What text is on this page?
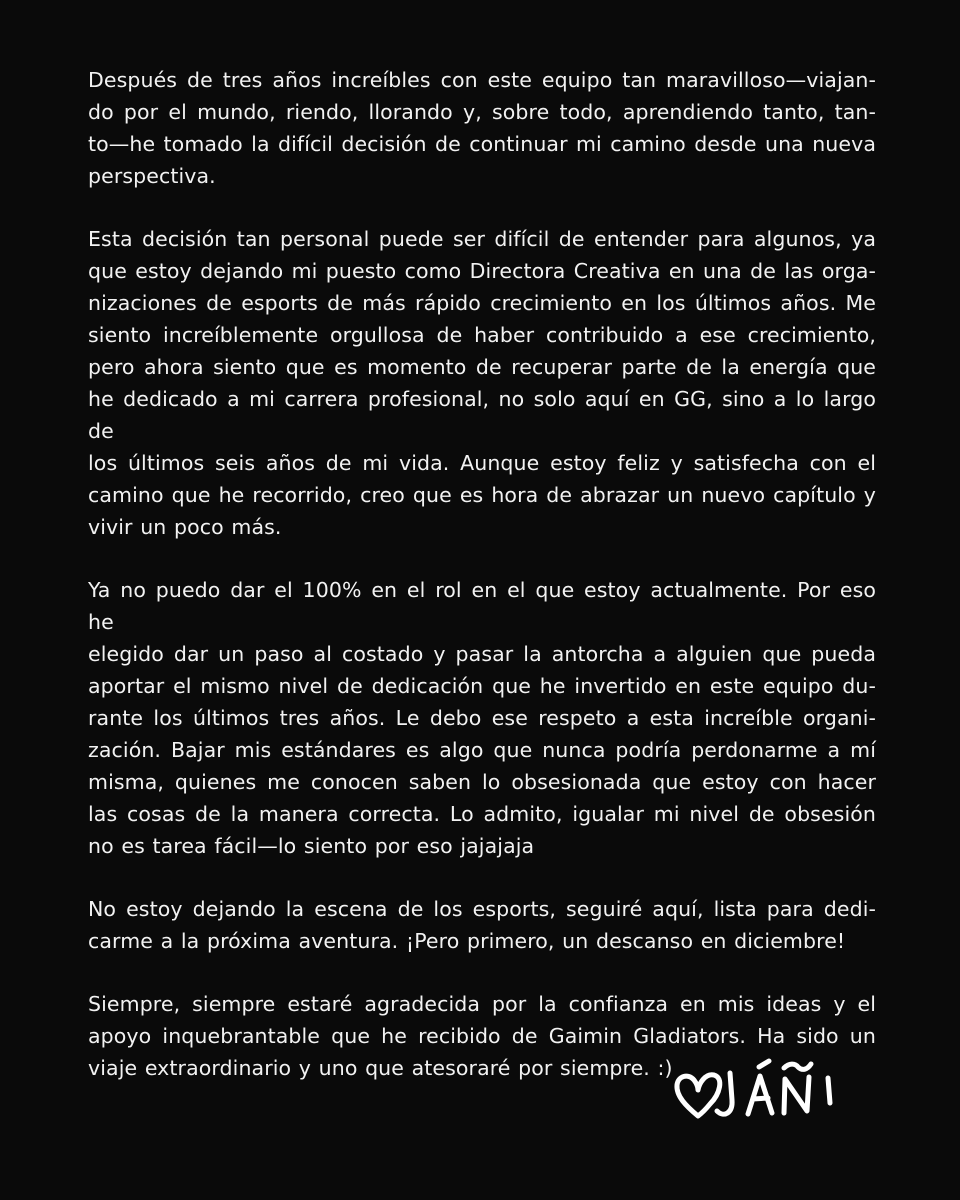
Después de tres años increíbles con este equipo tan maravilloso—viajan-
do por el mundo, riendo, llorando y, sobre todo, aprendiendo tanto, tan-
to—he tomado la difícil decisión de continuar mi camino desde una nueva
perspectiva.
Esta decisión tan personal puede ser difícil de entender para algunos, ya
que estoy dejando mi puesto como Directora Creativa en una de las orga-
nizaciones de esports de más rápido crecimiento en los últimos años. Me
siento increíblemente orgullosa de haber contribuido a ese crecimiento,
pero ahora siento que es momento de recuperar parte de la energía que
he dedicado a mi carrera profesional, no solo aquí en GG, sino a lo largo de
los últimos seis años de mi vida. Aunque estoy feliz y satisfecha con el
camino que he recorrido, creo que es hora de abrazar un nuevo capítulo y
vivir un poco más.
Ya no puedo dar el 100% en el rol en el que estoy actualmente. Por eso he
elegido dar un paso al costado y pasar la antorcha a alguien que pueda
aportar el mismo nivel de dedicación que he invertido en este equipo du-
rante los últimos tres años. Le debo ese respeto a esta increíble organi-
zación. Bajar mis estándares es algo que nunca podría perdonarme a mí
misma, quienes me conocen saben lo obsesionada que estoy con hacer
las cosas de la manera correcta. Lo admito, igualar mi nivel de obsesión
no es tarea fácil—lo siento por eso jajajaja
No estoy dejando la escena de los esports, seguiré aquí, lista para dedi-
carme a la próxima aventura. ¡Pero primero, un descanso en diciembre!
Siempre, siempre estaré agradecida por la confianza en mis ideas y el
apoyo inquebrantable que he recibido de Gaimin Gladiators. Ha sido un
viaje extraordinario y uno que atesoraré por siempre. :)
